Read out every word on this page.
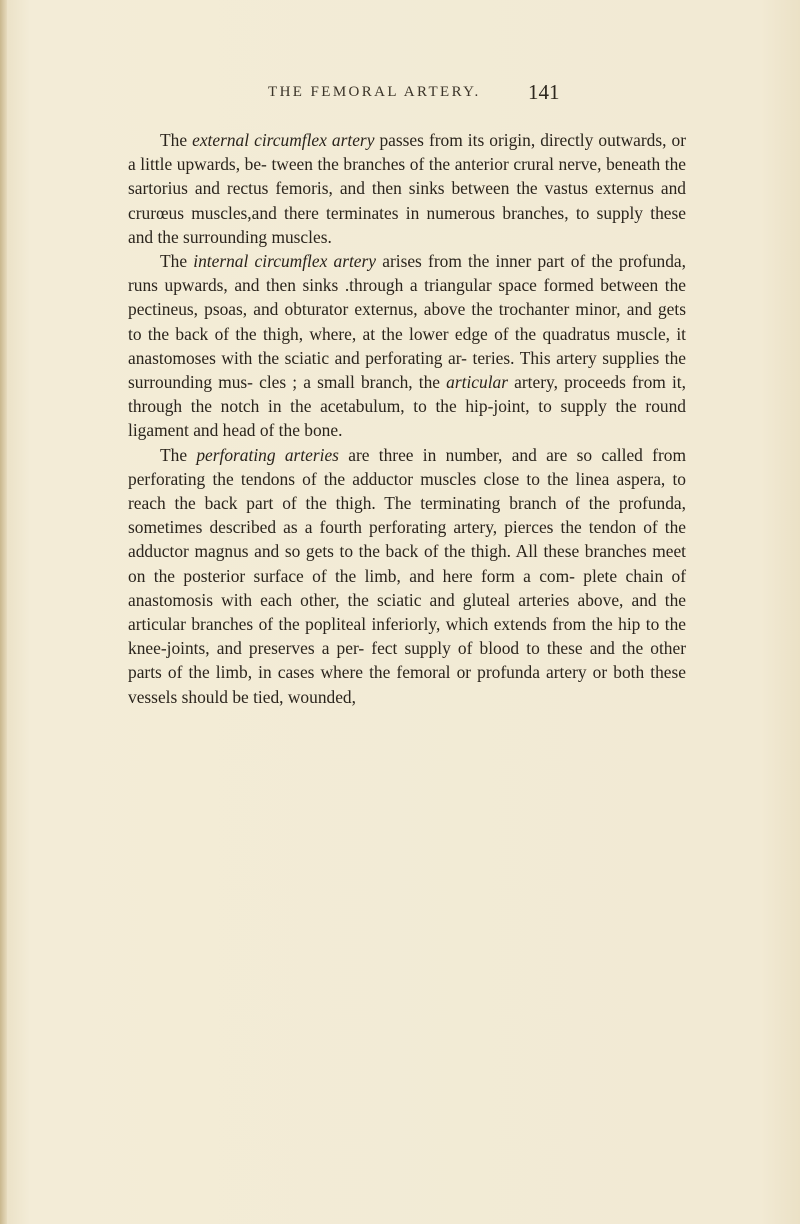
THE FEMORAL ARTERY. 141

The external circumflex artery passes from its origin, directly outwards, or a little upwards, be- tween the branches of the anterior crural nerve, beneath the sartorius and rectus femoris, and then sinks between the vastus externus and crurœus muscles,and there terminates in numerous branches, to supply these and the surrounding muscles.

The internal circumflex artery arises from the inner part of the profunda, runs upwards, and then sinks .through a triangular space formed between the pectineus, psoas, and obturator externus, above the trochanter minor, and gets to the back of the thigh, where, at the lower edge of the quadratus muscle, it anastomoses with the sciatic and perforating ar- teries. This artery supplies the surrounding mus- cles ; a small branch, the articular artery, proceeds from it, through the notch in the acetabulum, to the hip-joint, to supply the round ligament and head of the bone.

The perforating arteries are three in number, and are so called from perforating the tendons of the adductor muscles close to the linea aspera, to reach the back part of the thigh. The terminating branch of the profunda, sometimes described as a fourth perforating artery, pierces the tendon of the adductor magnus and so gets to the back of the thigh. All these branches meet on the posterior surface of the limb, and here form a com- plete chain of anastomosis with each other, the sciatic and gluteal arteries above, and the articular branches of the popliteal inferiorly, which extends from the hip to the knee-joints, and preserves a per- fect supply of blood to these and the other parts of the limb, in cases where the femoral or profunda artery or both these vessels should be tied, wounded,
